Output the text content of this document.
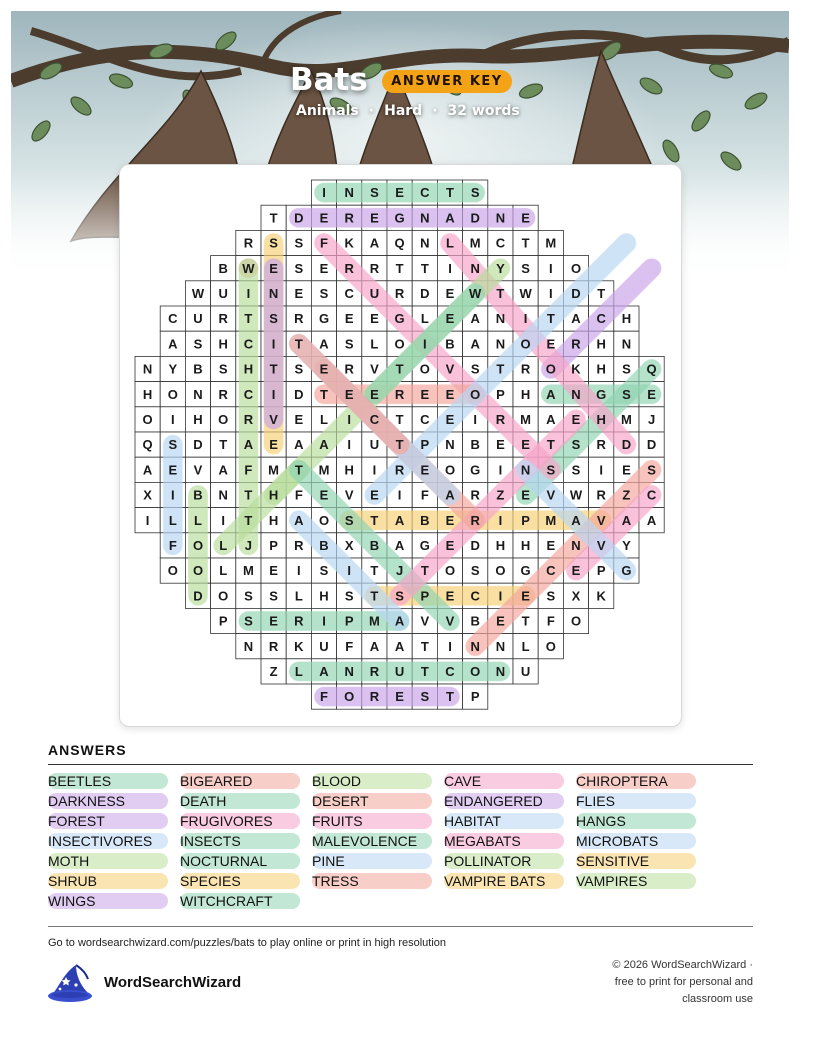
Bats	ANSWER KEY
Animals · Hard · 32 words
I N S E C T S
T D E R E G N A D N E
R S S F K A Q N L M C T M
B W E S E R R T T I N Y S I O
W U I N E S C U R D E W T W I D T
C U R T S R G E E G L E A N I T A C H
A S H C I T A S L O I B A N O E R H N
N Y B S H T S E R V T O V S T R O K H S Q
H O N R C I D T E E R E E O P H A N G S E
O I H O R V E L I C T C E I R M A E H M J
Q S D T A E A A I U T P N B E E T S R D D
A E V A F M T M H I R E O G I N S S I E S
X I B N T H F E V E I F A R Z E V W R Z C
I L L I T H A O S T A B E R I P M A V A A
F O L J P R B X B A G E D H H E N V Y
O O L M E I S I T J T O S O G C E P G
D O S S L H S T S P E C I E S X K
P S E R I P M A V V B E T F O
N R K U F A A T I N N L O
Z L A N R U T C O N U
F O R E S T P
ANSWERS
BEETLES	BIGEARED	BLOOD	CAVE	CHIROPTERA
DARKNESS	DEATH	DESERT	ENDANGERED	FLIES
FOREST	FRUGIVORES	FRUITS	HABITAT	HANGS
INSECTIVORES	INSECTS	MALEVOLENCE	MEGABATS	MICROBATS
MOTH	NOCTURNAL	PINE	POLLINATOR	SENSITIVE
SHRUB	SPECIES	TRESS	VAMPIRE BATS	VAMPIRES
WINGS	WITCHCRAFT
Go to wordsearchwizard.com/puzzles/bats to play online or print in high resolution
WordSearchWizard
© 2026 WordSearchWizard ·
free to print for personal and
classroom use
